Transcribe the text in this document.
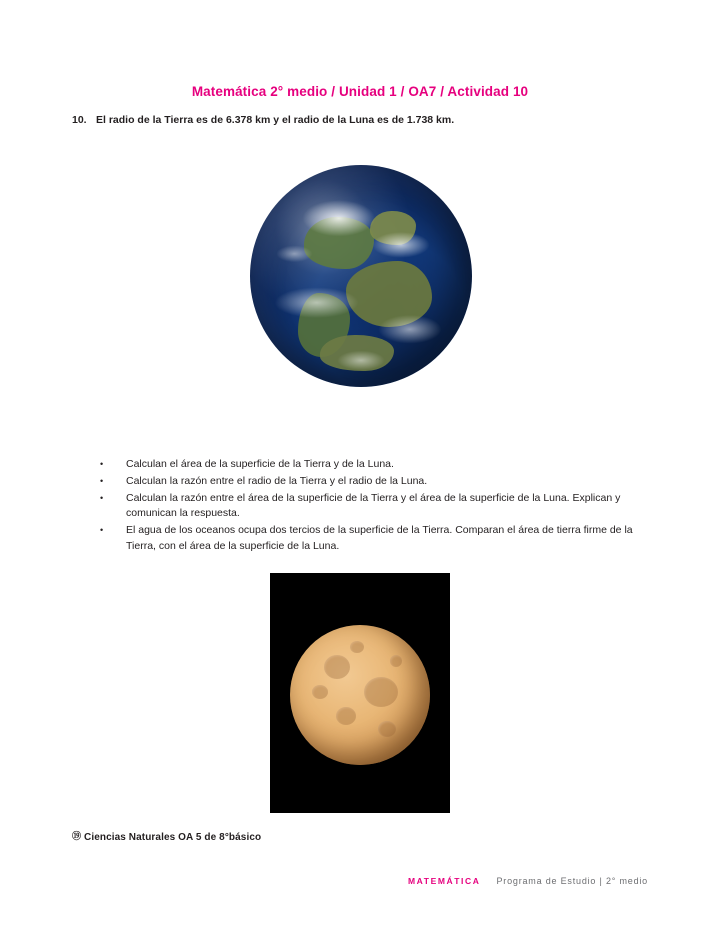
Matemática 2° medio / Unidad 1 / OA7 / Actividad 10
10. El radio de la Tierra es de 6.378 km y el radio de la Luna es de 1.738 km.
•	Calculan el área de la superficie de la Tierra y de la Luna.
•	Calculan la razón entre el radio de la Tierra y el radio de la Luna.
•	Calculan la razón entre el área de la superficie de la Tierra y el área de la superficie de la Luna. Explican y comunican la respuesta.
•	El agua de los oceanos ocupa dos tercios de la superficie de la Tierra. Comparan el área de tierra firme de la Tierra, con el área de la superficie de la Luna.
⑲ Ciencias Naturales OA 5 de 8°básico
MATEMÁTICA Programa de Estudio | 2° medio
